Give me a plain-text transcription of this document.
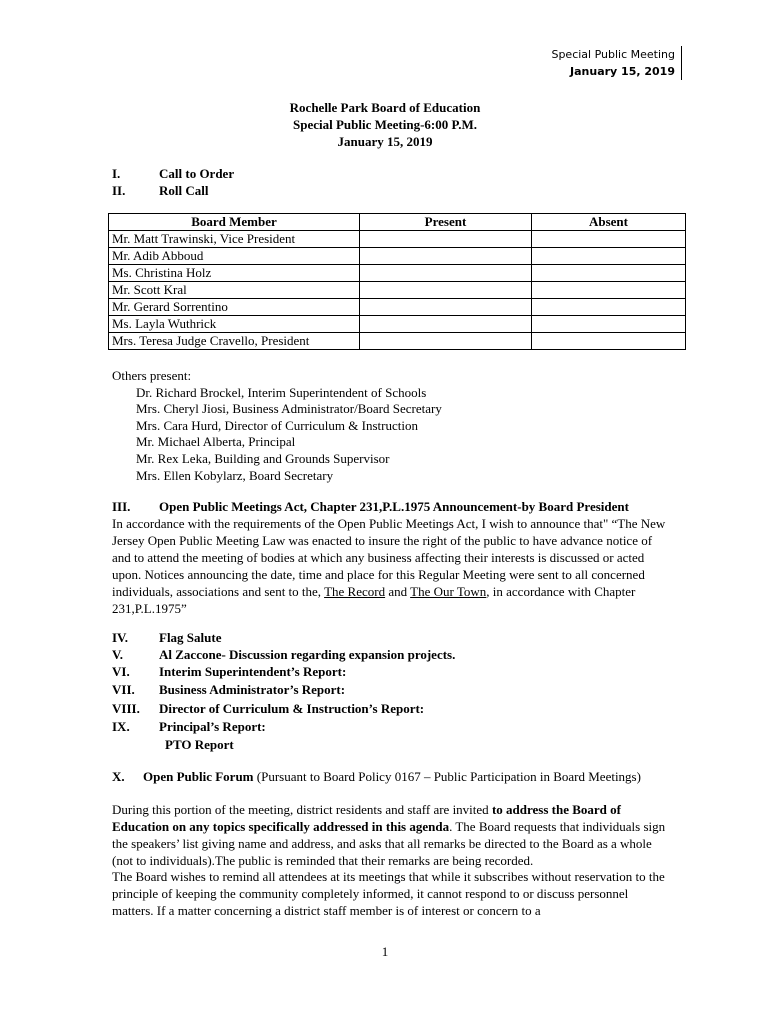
Special Public Meeting
January 15, 2019
Rochelle Park Board of Education
Special Public Meeting-6:00 P.M.
January 15, 2019
I.	Call to Order
II.	Roll Call
Board Member	Present	Absent
Mr. Matt Trawinski, Vice President		
Mr. Adib Abboud		
Ms. Christina Holz		
Mr. Scott Kral		
Mr. Gerard Sorrentino		
Ms. Layla Wuthrick		
Mrs. Teresa Judge Cravello, President		
Others present:
Dr. Richard Brockel, Interim Superintendent of Schools
Mrs. Cheryl Jiosi, Business Administrator/Board Secretary
Mrs. Cara Hurd, Director of Curriculum & Instruction
Mr. Michael Alberta, Principal
Mr. Rex Leka, Building and Grounds Supervisor
Mrs. Ellen Kobylarz, Board Secretary
III. Open Public Meetings Act, Chapter 231,P.L.1975 Announcement-by Board President
In accordance with the requirements of the Open Public Meetings Act, I wish to announce that" “The New Jersey Open Public Meeting Law was enacted to insure the right of the public to have advance notice of and to attend the meeting of bodies at which any business affecting their interests is discussed or acted upon. Notices announcing the date, time and place for this Regular Meeting were sent to all concerned individuals, associations and sent to the, The Record and The Our Town, in accordance with Chapter 231,P.L.1975”
IV. Flag Salute
V.	Al Zaccone- Discussion regarding expansion projects.
VI. Interim Superintendent’s Report:
VII. Business Administrator’s Report:
VIII. Director of Curriculum & Instruction’s Report:
IX. Principal’s Report:
PTO Report
X. Open Public Forum (Pursuant to Board Policy 0167 – Public Participation in Board Meetings)
During this portion of the meeting, district residents and staff are invited to address the Board of Education on any topics specifically addressed in this agenda. The Board requests that individuals sign the speakers’ list giving name and address, and asks that all remarks be directed to the Board as a whole (not to individuals).The public is reminded that their remarks are being recorded.
The Board wishes to remind all attendees at its meetings that while it subscribes without reservation to the principle of keeping the community completely informed, it cannot respond to or discuss personnel matters. If a matter concerning a district staff member is of interest or concern to a
1
